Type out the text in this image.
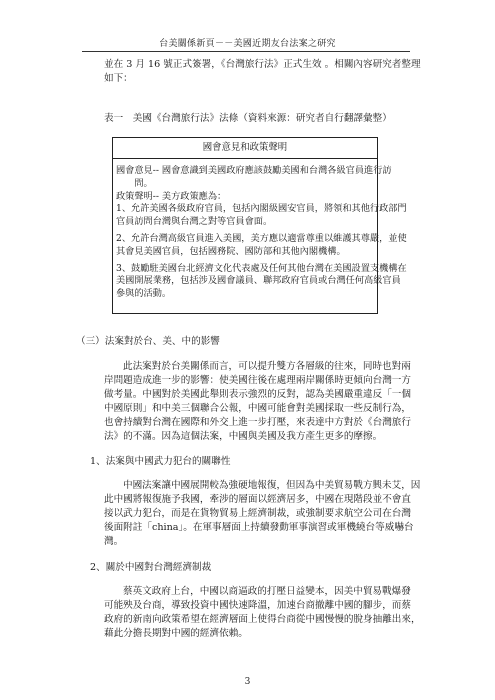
台美關係新頁－－美國近期友台法案之研究
並在 3 月 16 號正式簽署，《台灣旅行法》正式生效 。相關內容研究者整理
如下：
表一　美國《台灣旅行法》法條（資料來源：研究者自行翻譯彙整）
國會意見和政策聲明
國會意見-- 國會意識到美國政府應該鼓勵美國和台灣各級官員進行訪
　　問。
政策聲明-- 美方政策應為：
1、允許美國各級政府官員，包括內閣級國安官員，將領和其他行政部門
官員訪問台灣與台灣之對等官員會面。
2、允許台灣高級官員進入美國，美方應以適當尊重以維護其尊嚴，並使
其會見美國官員，包括國務院、國防部和其他內閣機構。
3、鼓勵駐美國台北經濟文化代表處及任何其他台灣在美國設置支機構在
美國開展業務，包括涉及國會議員、聯邦政府官員或台灣任何高級官員
參與的活動。
（三）法案對於台、美、中的影響
此法案對於台美關係而言，可以提升雙方各層級的往來，同時也對兩
岸問題造成進一步的影響：使美國往後在處理兩岸關係時更傾向台灣一方
做考量。中國對於美國此舉則表示強烈的反對，認為美國嚴重違反「一個
中國原則」和中美三個聯合公報，中國可能會對美國採取一些反制行為，
也會持續對台灣在國際和外交上進一步打壓，來表達中方對於《台灣旅行
法》的不滿。因為這個法案，中國與美國及我方產生更多的摩擦。
1、法案與中國武力犯台的關聯性
中國法案讓中國展開較為強硬地報復，但因為中美貿易戰方興未艾，因
此中國將報復施予我國，牽涉的層面以經濟居多，中國在現階段並不會直
接以武力犯台，而是在貨物貿易上經濟制裁，或強制要求航空公司在台灣
後面附註「china」。在軍事層面上持續發動軍事演習或軍機繞台等威嚇台
灣。
2、關於中國對台灣經濟制裁
蔡英文政府上台，中國以商逼政的打壓日益變本，因美中貿易戰爆發
可能殃及台商，導致投資中國快速降溫，加速台商撤離中國的腳步，而蔡
政府的新南向政策希望在經濟層面上使得台商從中國慢慢的脫身抽離出來，
藉此分擔長期對中國的經濟依賴。
3
